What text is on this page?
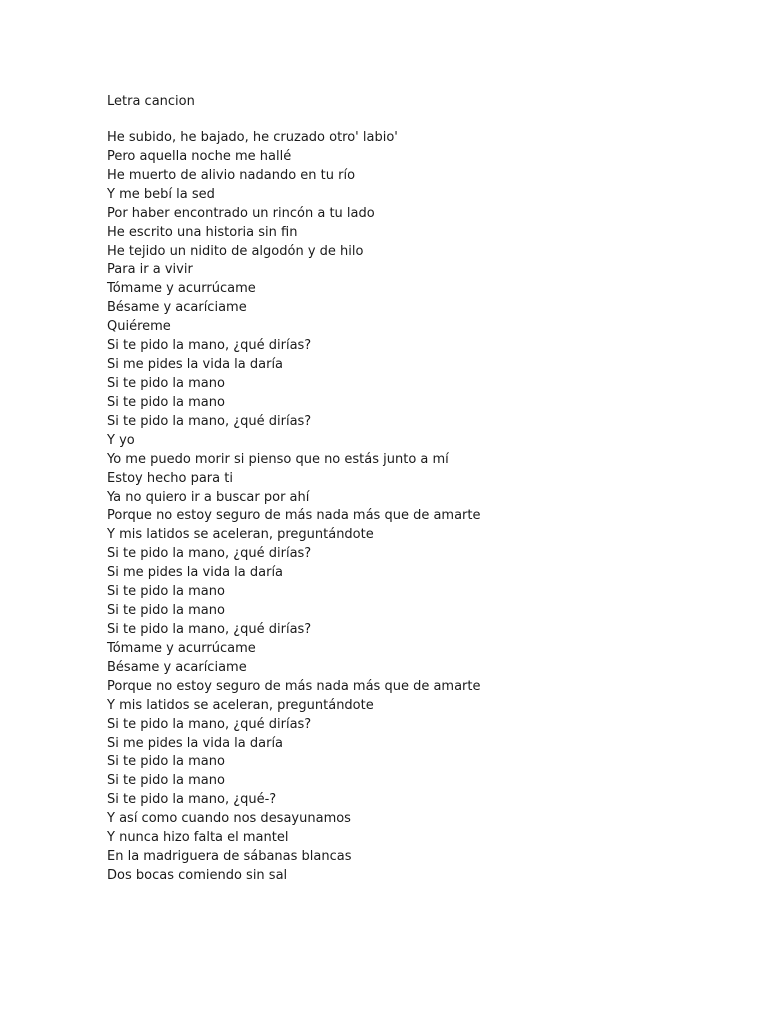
Letra cancion
He subido, he bajado, he cruzado otro' labio'
Pero aquella noche me hallé
He muerto de alivio nadando en tu río
Y me bebí la sed
Por haber encontrado un rincón a tu lado
He escrito una historia sin fin
He tejido un nidito de algodón y de hilo
Para ir a vivir
Tómame y acurrúcame
Bésame y acaríciame
Quiéreme
Si te pido la mano, ¿qué dirías?
Si me pides la vida la daría
Si te pido la mano
Si te pido la mano
Si te pido la mano, ¿qué dirías?
Y yo
Yo me puedo morir si pienso que no estás junto a mí
Estoy hecho para ti
Ya no quiero ir a buscar por ahí
Porque no estoy seguro de más nada más que de amarte
Y mis latidos se aceleran, preguntándote
Si te pido la mano, ¿qué dirías?
Si me pides la vida la daría
Si te pido la mano
Si te pido la mano
Si te pido la mano, ¿qué dirías?
Tómame y acurrúcame
Bésame y acaríciame
Porque no estoy seguro de más nada más que de amarte
Y mis latidos se aceleran, preguntándote
Si te pido la mano, ¿qué dirías?
Si me pides la vida la daría
Si te pido la mano
Si te pido la mano
Si te pido la mano, ¿qué-?
Y así como cuando nos desayunamos
Y nunca hizo falta el mantel
En la madriguera de sábanas blancas
Dos bocas comiendo sin sal
